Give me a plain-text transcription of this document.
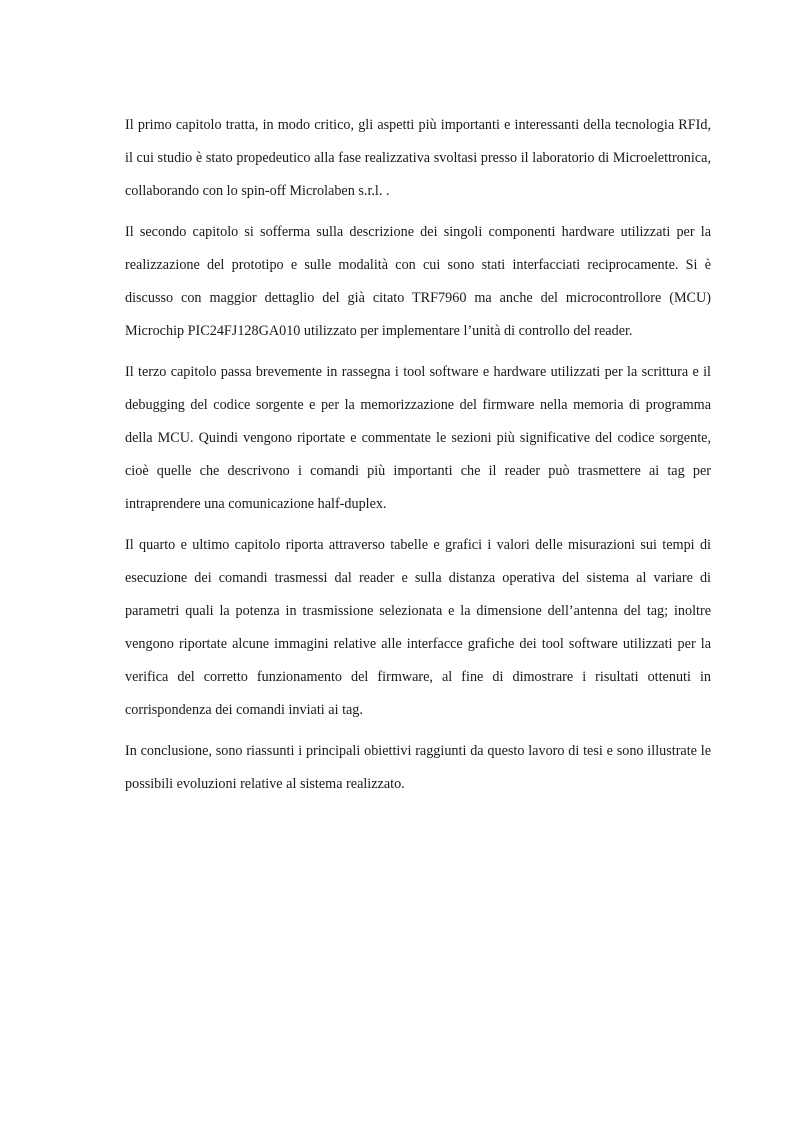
Il primo capitolo tratta, in modo critico, gli aspetti più importanti e interessanti della tecnologia RFId, il cui studio è stato propedeutico alla fase realizzativa svoltasi presso il laboratorio di Microelettronica, collaborando con lo spin-off Microlaben s.r.l. .

Il secondo capitolo si sofferma sulla descrizione dei singoli componenti hardware utilizzati per la realizzazione del prototipo e sulle modalità con cui sono stati interfacciati reciprocamente. Si è discusso con maggior dettaglio del già citato TRF7960 ma anche del microcontrollore (MCU) Microchip PIC24FJ128GA010 utilizzato per implementare l’unità di controllo del reader.

Il terzo capitolo passa brevemente in rassegna i tool software e hardware utilizzati per la scrittura e il debugging del codice sorgente e per la memorizzazione del firmware nella memoria di programma della MCU. Quindi vengono riportate e commentate le sezioni più significative del codice sorgente, cioè quelle che descrivono i comandi più importanti che il reader può trasmettere ai tag per intraprendere una comunicazione half-duplex.

Il quarto e ultimo capitolo riporta attraverso tabelle e grafici i valori delle misurazioni sui tempi di esecuzione dei comandi trasmessi dal reader e sulla distanza operativa del sistema al variare di parametri quali la potenza in trasmissione selezionata e la dimensione dell’antenna del tag; inoltre vengono riportate alcune immagini relative alle interfacce grafiche dei tool software utilizzati per la verifica del corretto funzionamento del firmware, al fine di dimostrare i risultati ottenuti in corrispondenza dei comandi inviati ai tag.

In conclusione, sono riassunti i principali obiettivi raggiunti da questo lavoro di tesi e sono illustrate le possibili evoluzioni relative al sistema realizzato.
